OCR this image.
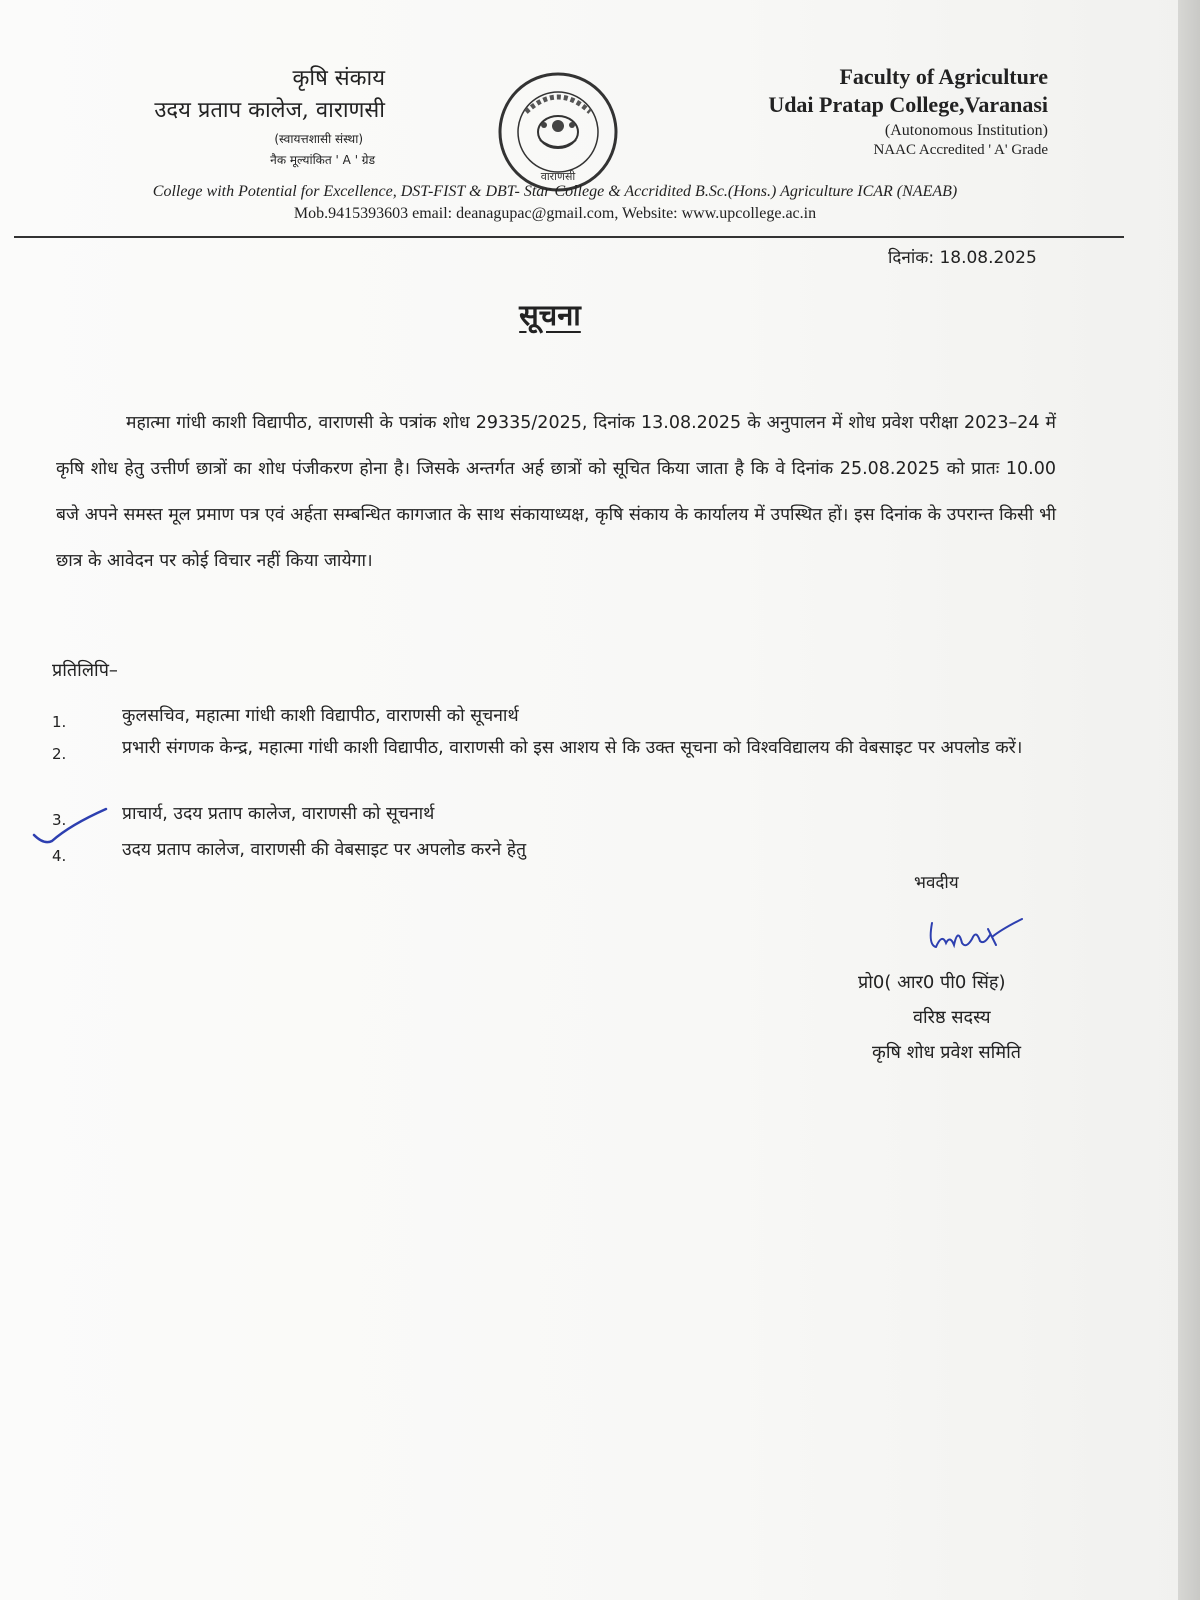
कृषि संकाय
उदय प्रताप कालेज, वाराणसी
(स्वायत्तशासी संस्था)
नैक मूल्यांकित ' A ' ग्रेड
वाराणसी
Faculty of Agriculture
Udai Pratap College,Varanasi
(Autonomous Institution)
NAAC Accredited ' A' Grade
College with Potential for Excellence, DST-FIST & DBT- Star College & Accridited B.Sc.(Hons.) Agriculture ICAR (NAEAB)
Mob.9415393603 email: deanagupac@gmail.com, Website: www.upcollege.ac.in
दिनांक: 18.08.2025
सूचना
महात्मा गांधी काशी विद्यापीठ, वाराणसी के पत्रांक शोध 29335/2025, दिनांक 13.08.2025 के अनुपालन में शोध प्रवेश परीक्षा 2023–24 में कृषि शोध हेतु उत्तीर्ण छात्रों का शोध पंजीकरण होना है। जिसके अन्तर्गत अर्ह छात्रों को सूचित किया जाता है कि वे दिनांक 25.08.2025 को प्रातः 10.00 बजे अपने समस्त मूल प्रमाण पत्र एवं अर्हता सम्बन्धित कागजात के साथ संकायाध्यक्ष, कृषि संकाय के कार्यालय में उपस्थित हों। इस दिनांक के उपरान्त किसी भी छात्र के आवेदन पर कोई विचार नहीं किया जायेगा।
प्रतिलिपि–
1.	कुलसचिव, महात्मा गांधी काशी विद्यापीठ, वाराणसी को सूचनार्थ
2.	प्रभारी संगणक केन्द्र, महात्मा गांधी काशी विद्यापीठ, वाराणसी को इस आशय से कि उक्त सूचना को विश्वविद्यालय की वेबसाइट पर अपलोड करें।
3.	प्राचार्य, उदय प्रताप कालेज, वाराणसी को सूचनार्थ
4.	उदय प्रताप कालेज, वाराणसी की वेबसाइट पर अपलोड करने हेतु
भवदीय
प्रो0( आर0 पी0 सिंह)
वरिष्ठ सदस्य
कृषि शोध प्रवेश समिति
